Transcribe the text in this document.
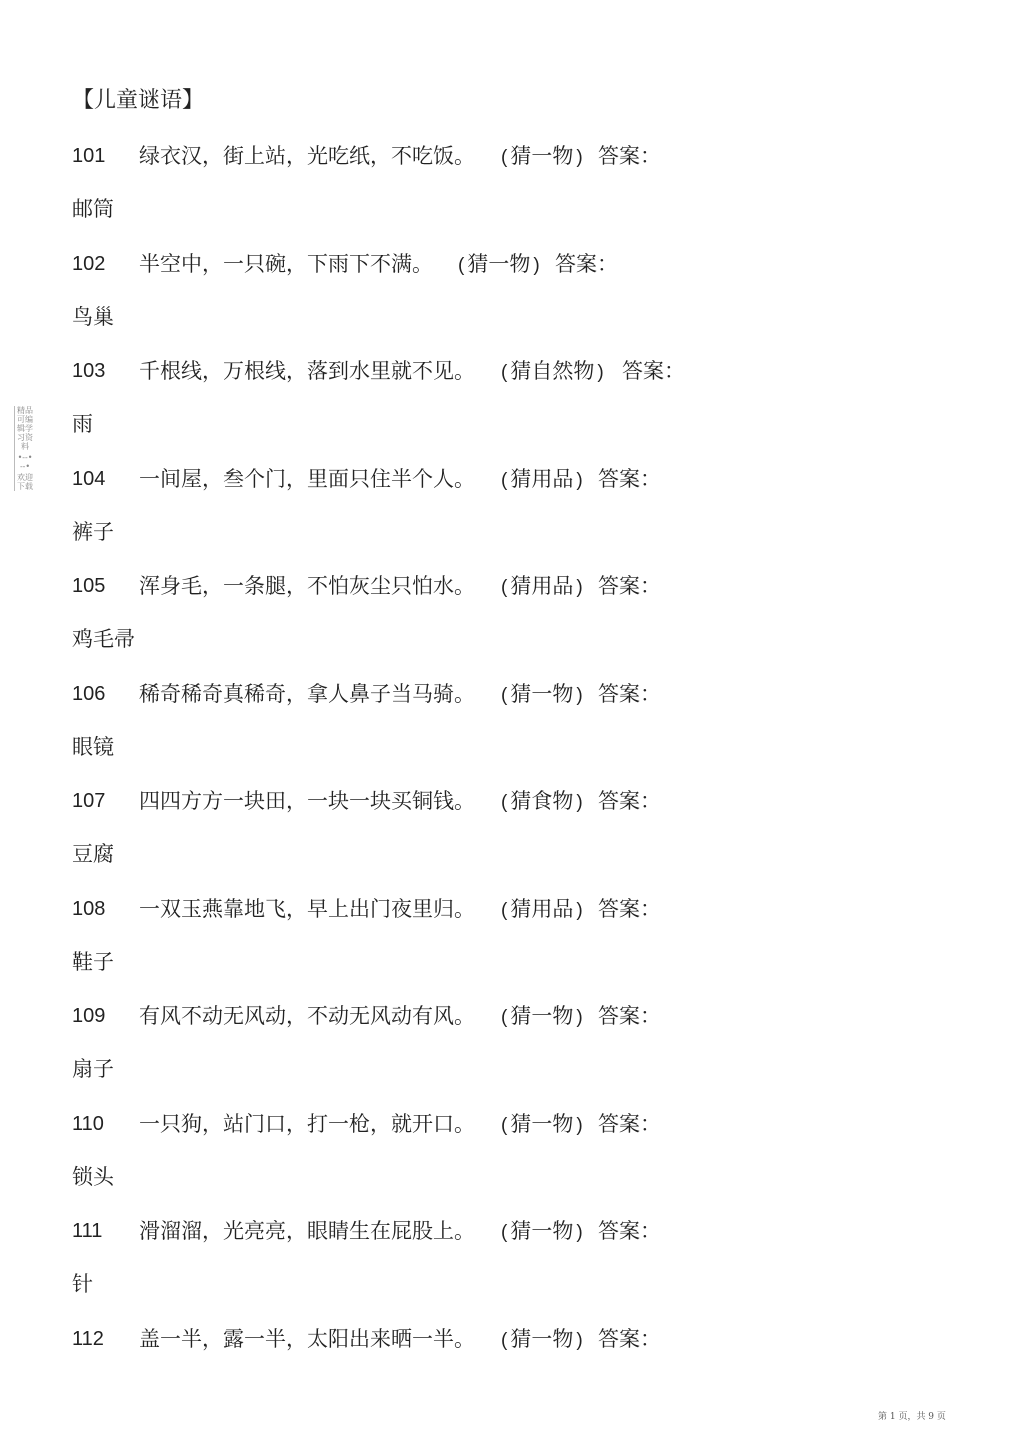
【儿童谜语】
101 绿衣汉，街上站，光吃纸，不吃饭。 ( 猜一物 ) 答案：
邮筒
102 半空中，一只碗，下雨下不满。 ( 猜一物 ) 答案：
鸟巢
103 千根线，万根线，落到水里就不见。 ( 猜自然物 ) 答案：
雨
104 一间屋，叁个门，里面只住半个人。 ( 猜用品 ) 答案：
裤子
105 浑身毛，一条腿，不怕灰尘只怕水。 ( 猜用品 ) 答案：
鸡毛帚
106 稀奇稀奇真稀奇，拿人鼻子当马骑。 ( 猜一物 ) 答案：
眼镜
107 四四方方一块田，一块一块买铜钱。 ( 猜食物 ) 答案：
豆腐
108 一双玉燕靠地飞，早上出门夜里归。 ( 猜用品 ) 答案：
鞋子
109 有风不动无风动，不动无风动有风。 ( 猜一物 ) 答案：
扇子
110 一只狗，站门口，打一枪，就开口。 ( 猜一物 ) 答案：
锁头
111 滑溜溜，光亮亮，眼睛生在屁股上。 ( 猜一物 ) 答案：
针
112 盖一半，露一半，太阳出来晒一半。 ( 猜一物 ) 答案：
精品可编辑学习资料
•--•--•
欢迎下载
第 1 页，共 9 页
